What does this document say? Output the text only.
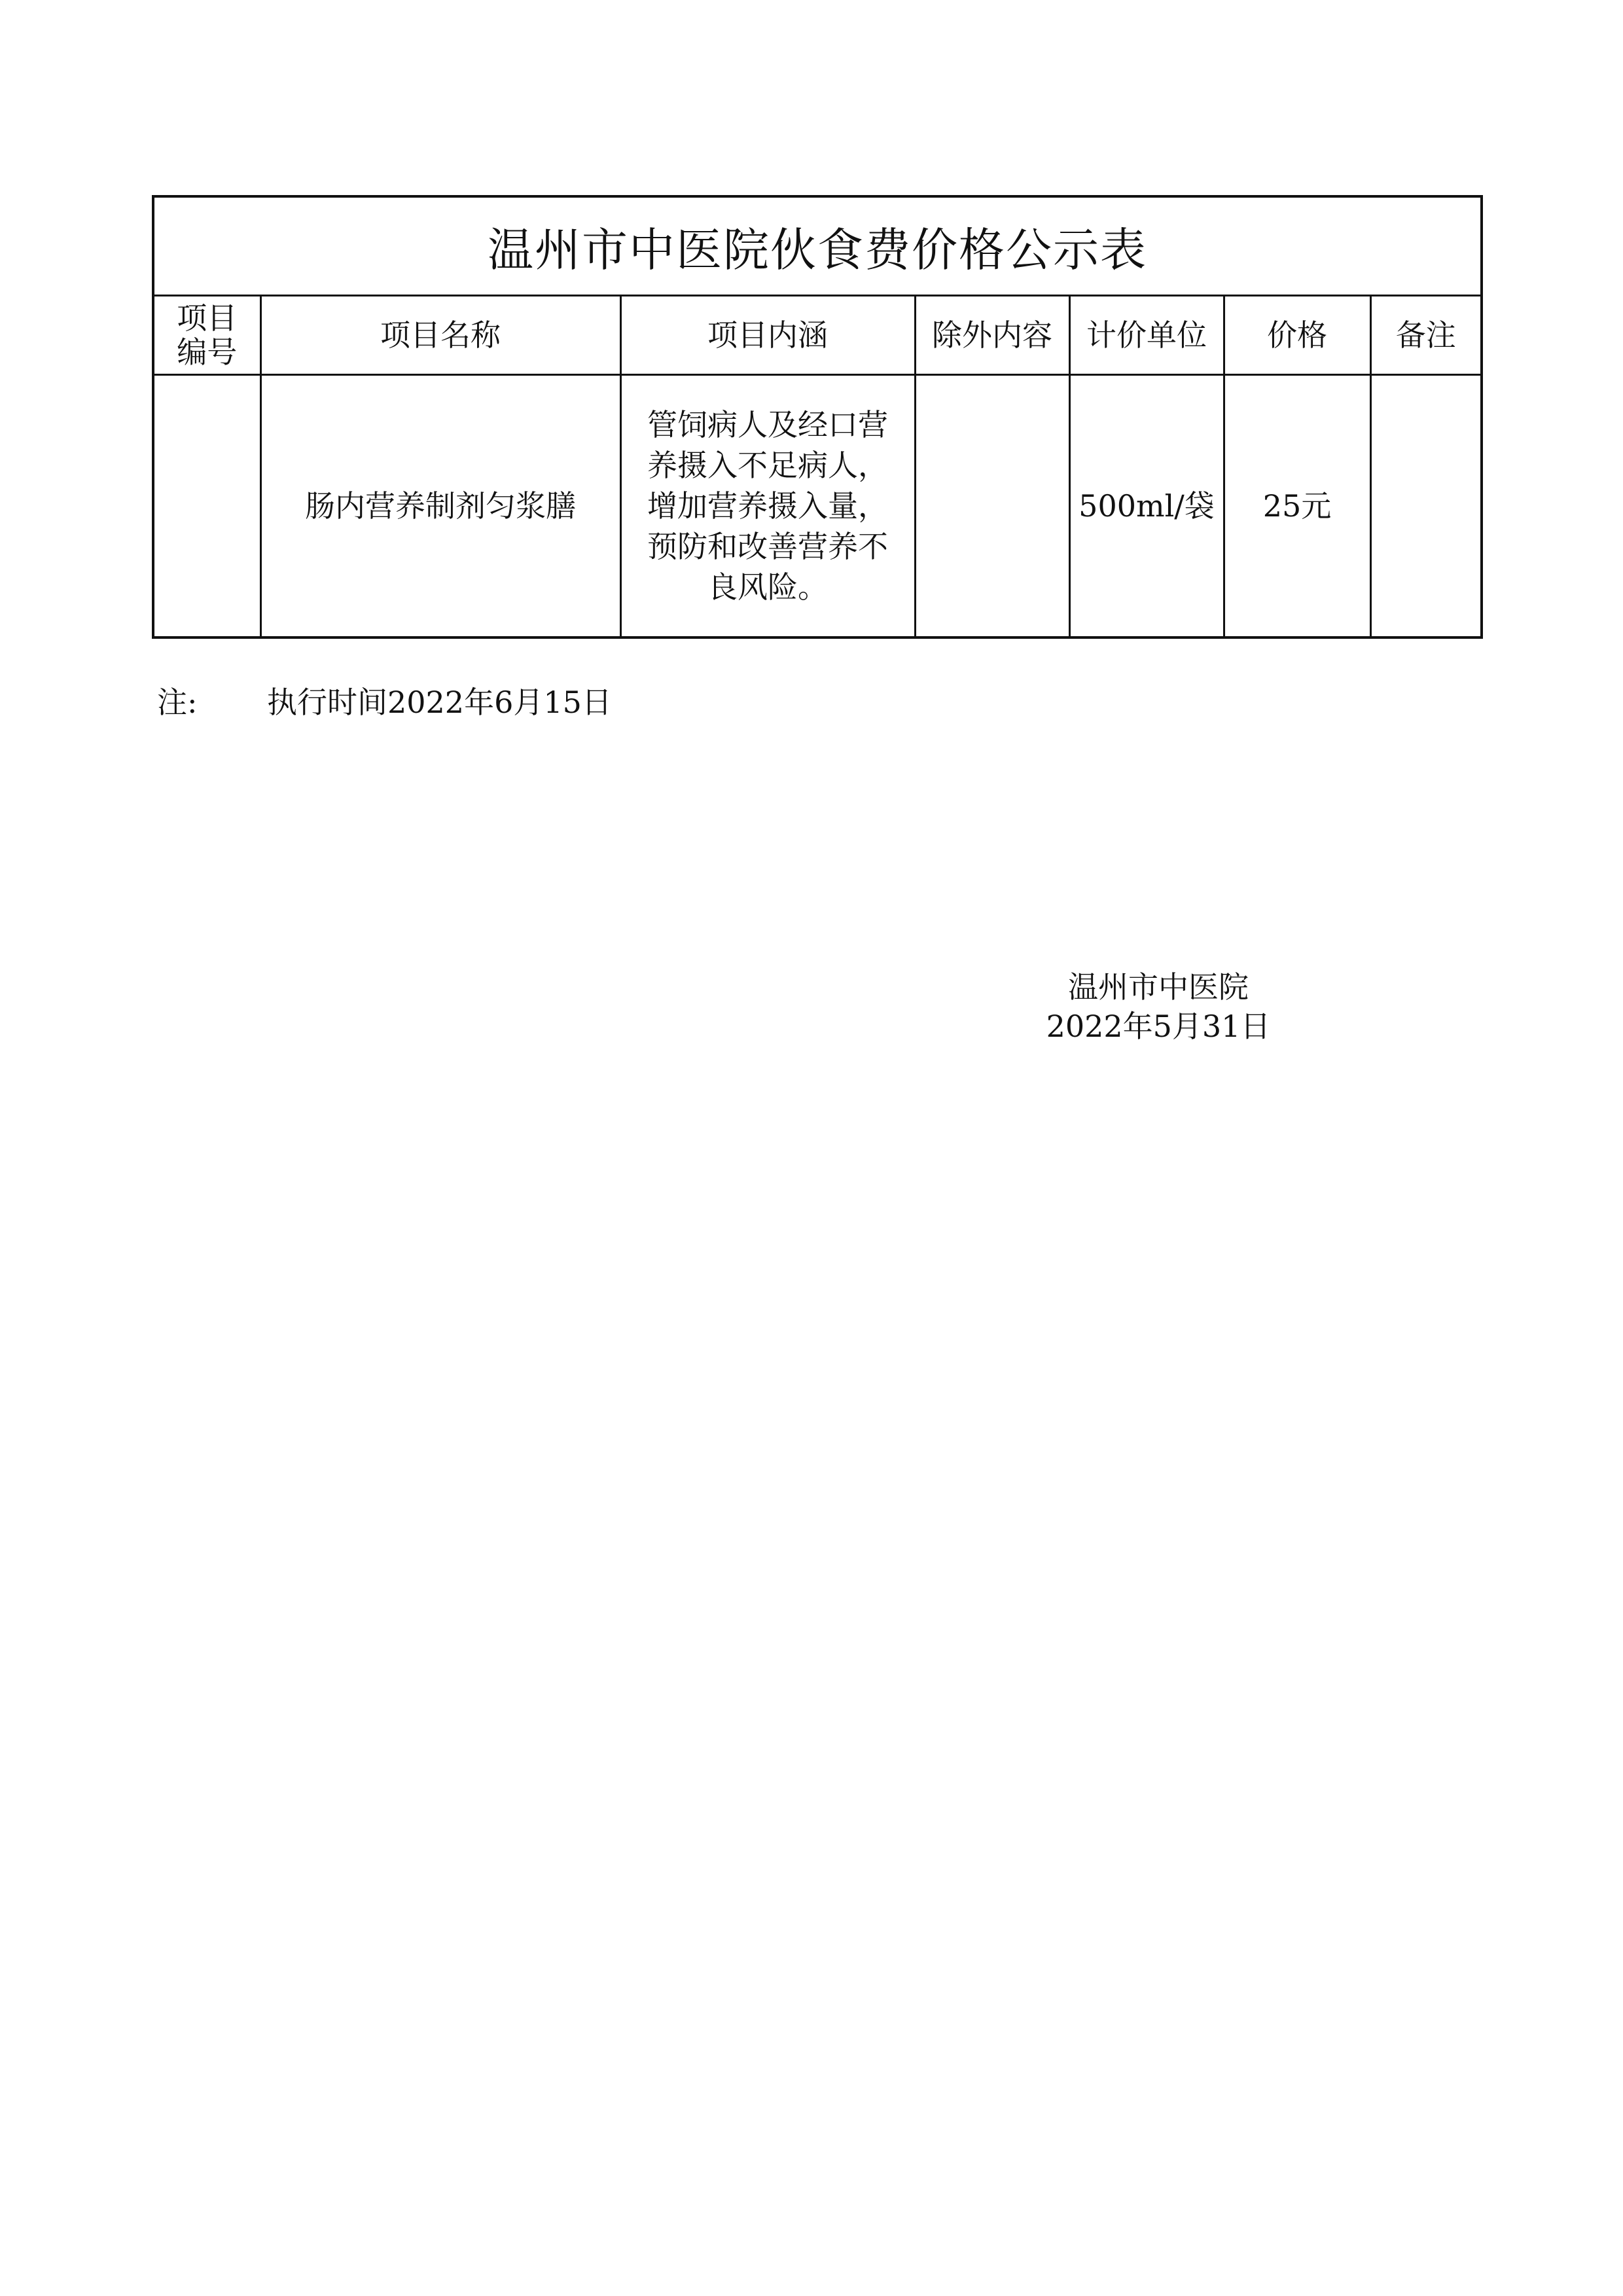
温州市中医院伙食费价格公示表						

项目
编号	项目名称	项目内涵	除外内容	计价单位	价格	备注
	肠内营养制剂匀浆膳	管饲病人及经口营
养摄入不足病人，
增加营养摄入量，
预防和改善营养不
良风险。		500ml/袋	25元	
注: 执行时间2022年6月15日
温州市中医院
2022年5月31日
